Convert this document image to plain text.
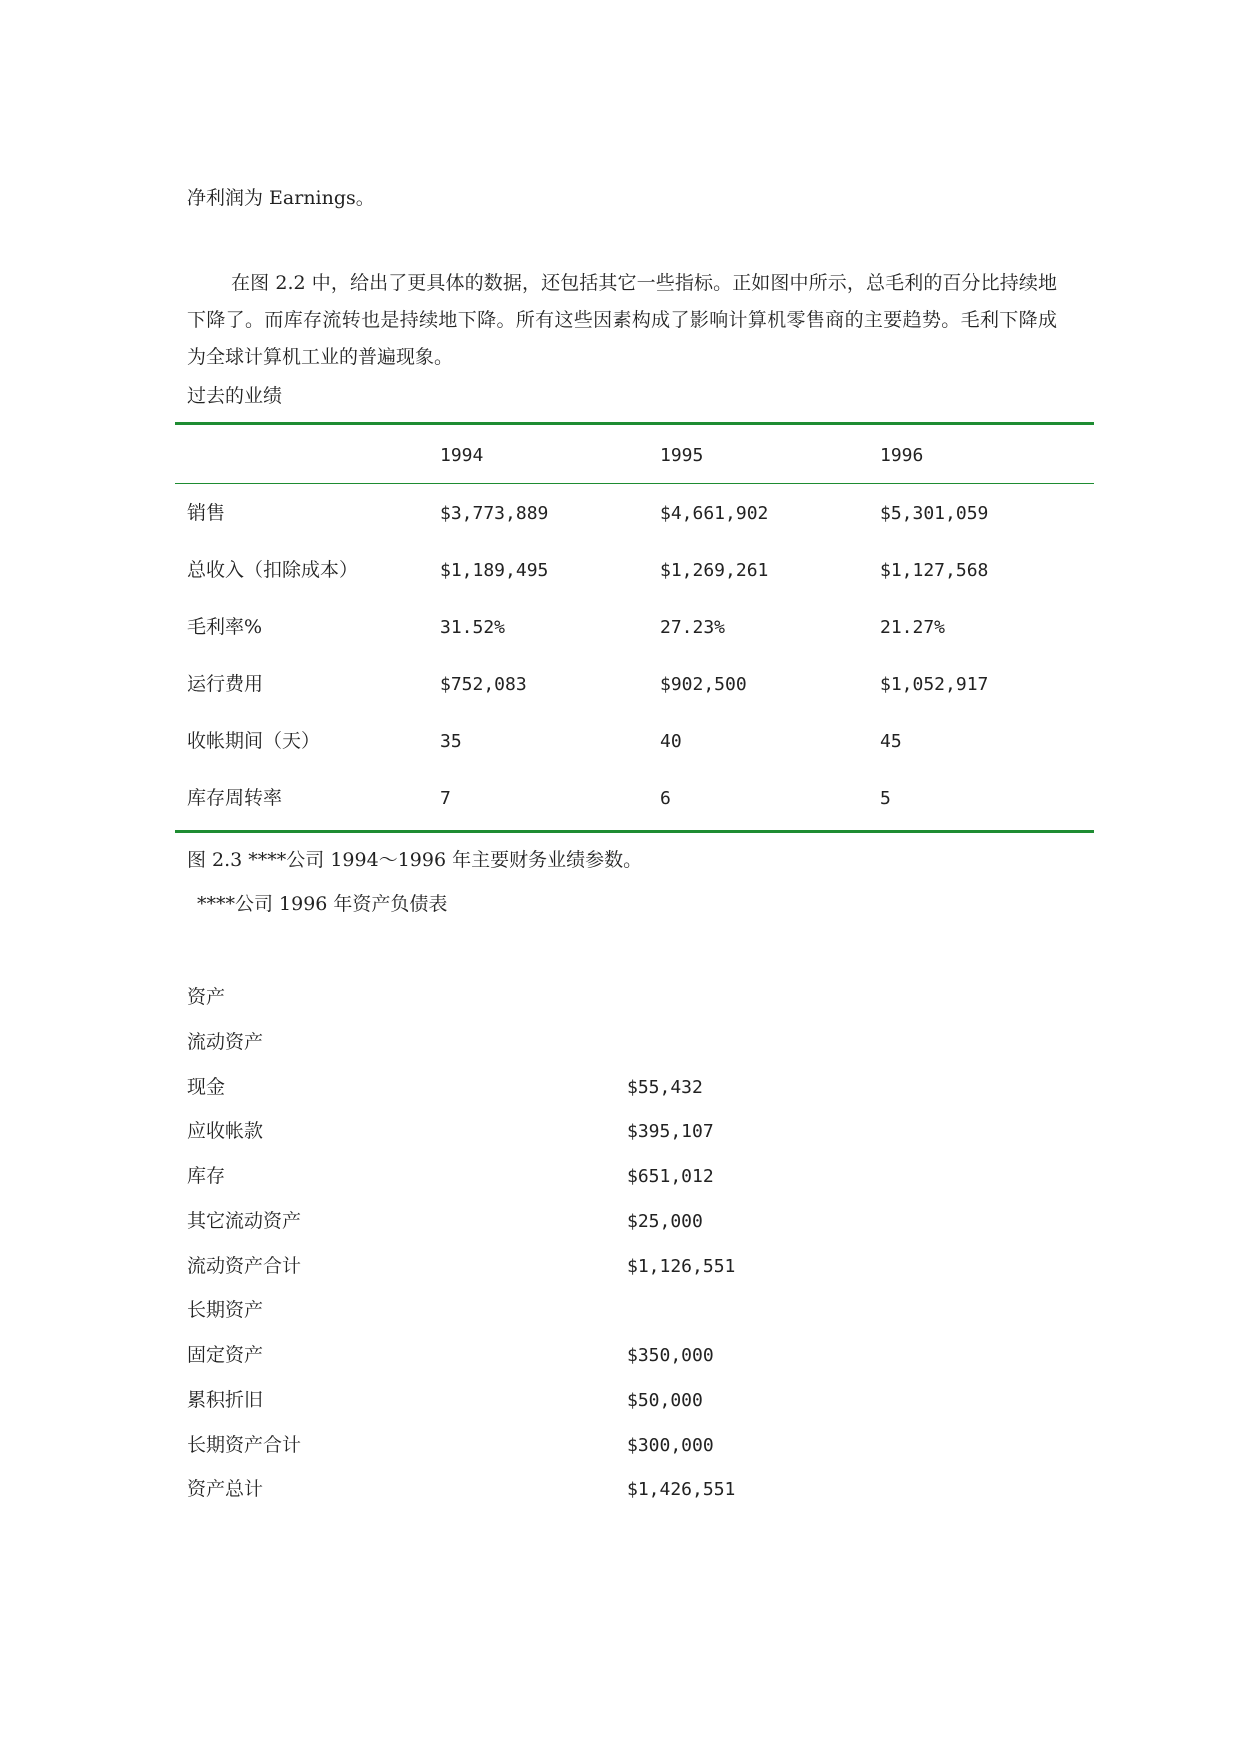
净利润为 Earnings。
在图 2.2 中，给出了更具体的数据，还包括其它一些指标。正如图中所示，总毛利的百分比持续地下降了。而库存流转也是持续地下降。所有这些因素构成了影响计算机零售商的主要趋势。毛利下降成为全球计算机工业的普遍现象。
过去的业绩
1994	1995	1996
销售	$3,773,889	$4,661,902	$5,301,059
总收入（扣除成本）	$1,189,495	$1,269,261	$1,127,568
毛利率%	31.52%	27.23%	21.27%
运行费用	$752,083	$902,500	$1,052,917
收帐期间（天）	35	40	45
库存周转率	7	6	5
图 2.3 ****公司 1994～1996 年主要财务业绩参数。
****公司 1996 年资产负债表
资产
流动资产
现金	$55,432
应收帐款	$395,107
库存	$651,012
其它流动资产	$25,000
流动资产合计	$1,126,551
长期资产
固定资产	$350,000
累积折旧	$50,000
长期资产合计	$300,000
资产总计	$1,426,551
